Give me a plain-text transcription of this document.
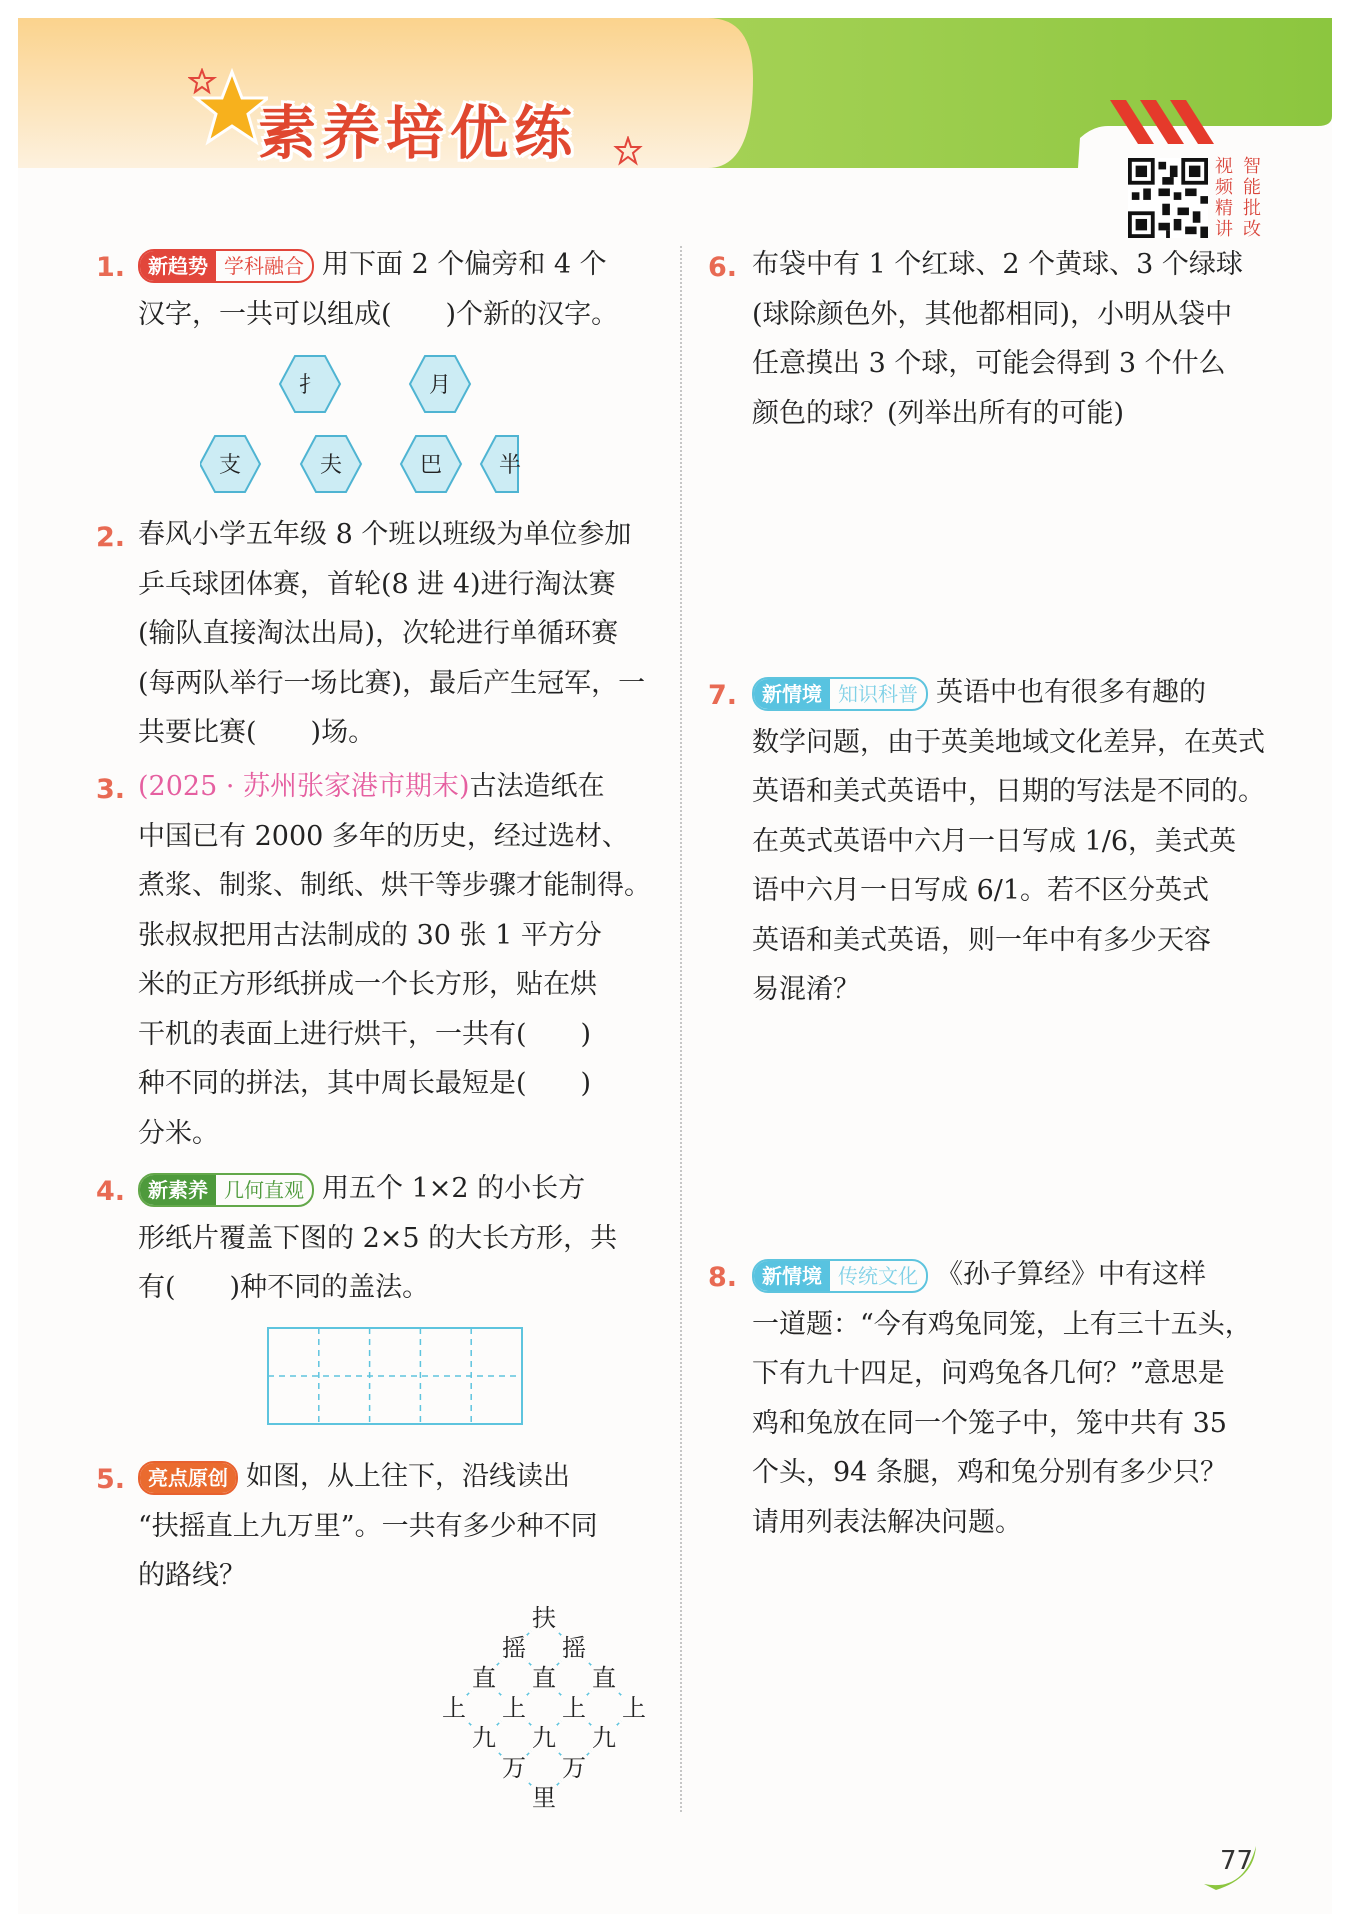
素养培优练	视 智
频 能
精 批
讲 改
1.	新趋势 学科融合 用下面 2 个偏旁和 4 个
汉字，一共可以组成(　　)个新的汉字。
扌	月
支	夫	巴	半
2. 春风小学五年级 8 个班以班级为单位参加
乒乓球团体赛，首轮(8 进 4)进行淘汰赛
(输队直接淘汰出局)，次轮进行单循环赛
(每两队举行一场比赛)，最后产生冠军，一
共要比赛(　　)场。
3. (2025 · 苏州张家港市期末)古法造纸在
中国已有 2000 多年的历史，经过选材、
煮浆、制浆、制纸、烘干等步骤才能制得。
张叔叔把用古法制成的 30 张 1 平方分
米的正方形纸拼成一个长方形，贴在烘
干机的表面上进行烘干，一共有(　　)
种不同的拼法，其中周长最短是(　　)
分米。
4.	新素养 几何直观 用五个 1×2 的小长方
形纸片覆盖下图的 2×5 的大长方形，共
有(　　)种不同的盖法。
5.	亮点原创 如图，从上往下，沿线读出
“扶摇直上九万里”。一共有多少种不同
的路线？
扶
摇 摇
直 直 直
上 上 上 上
九 九 九
万 万
里
6. 布袋中有 1 个红球、2 个黄球、3 个绿球
(球除颜色外，其他都相同)，小明从袋中
任意摸出 3 个球，可能会得到 3 个什么
颜色的球？(列举出所有的可能)
7.	新情境 知识科普 英语中也有很多有趣的
数学问题，由于英美地域文化差异，在英式
英语和美式英语中，日期的写法是不同的。
在英式英语中六月一日写成 1/6，美式英
语中六月一日写成 6/1。若不区分英式
英语和美式英语，则一年中有多少天容
易混淆？
8.	新情境 传统文化 《孙子算经》中有这样
一道题：“今有鸡兔同笼，上有三十五头，
下有九十四足，问鸡兔各几何？”意思是
鸡和兔放在同一个笼子中，笼中共有 35
个头，94 条腿，鸡和兔分别有多少只？
请用列表法解决问题。
77
